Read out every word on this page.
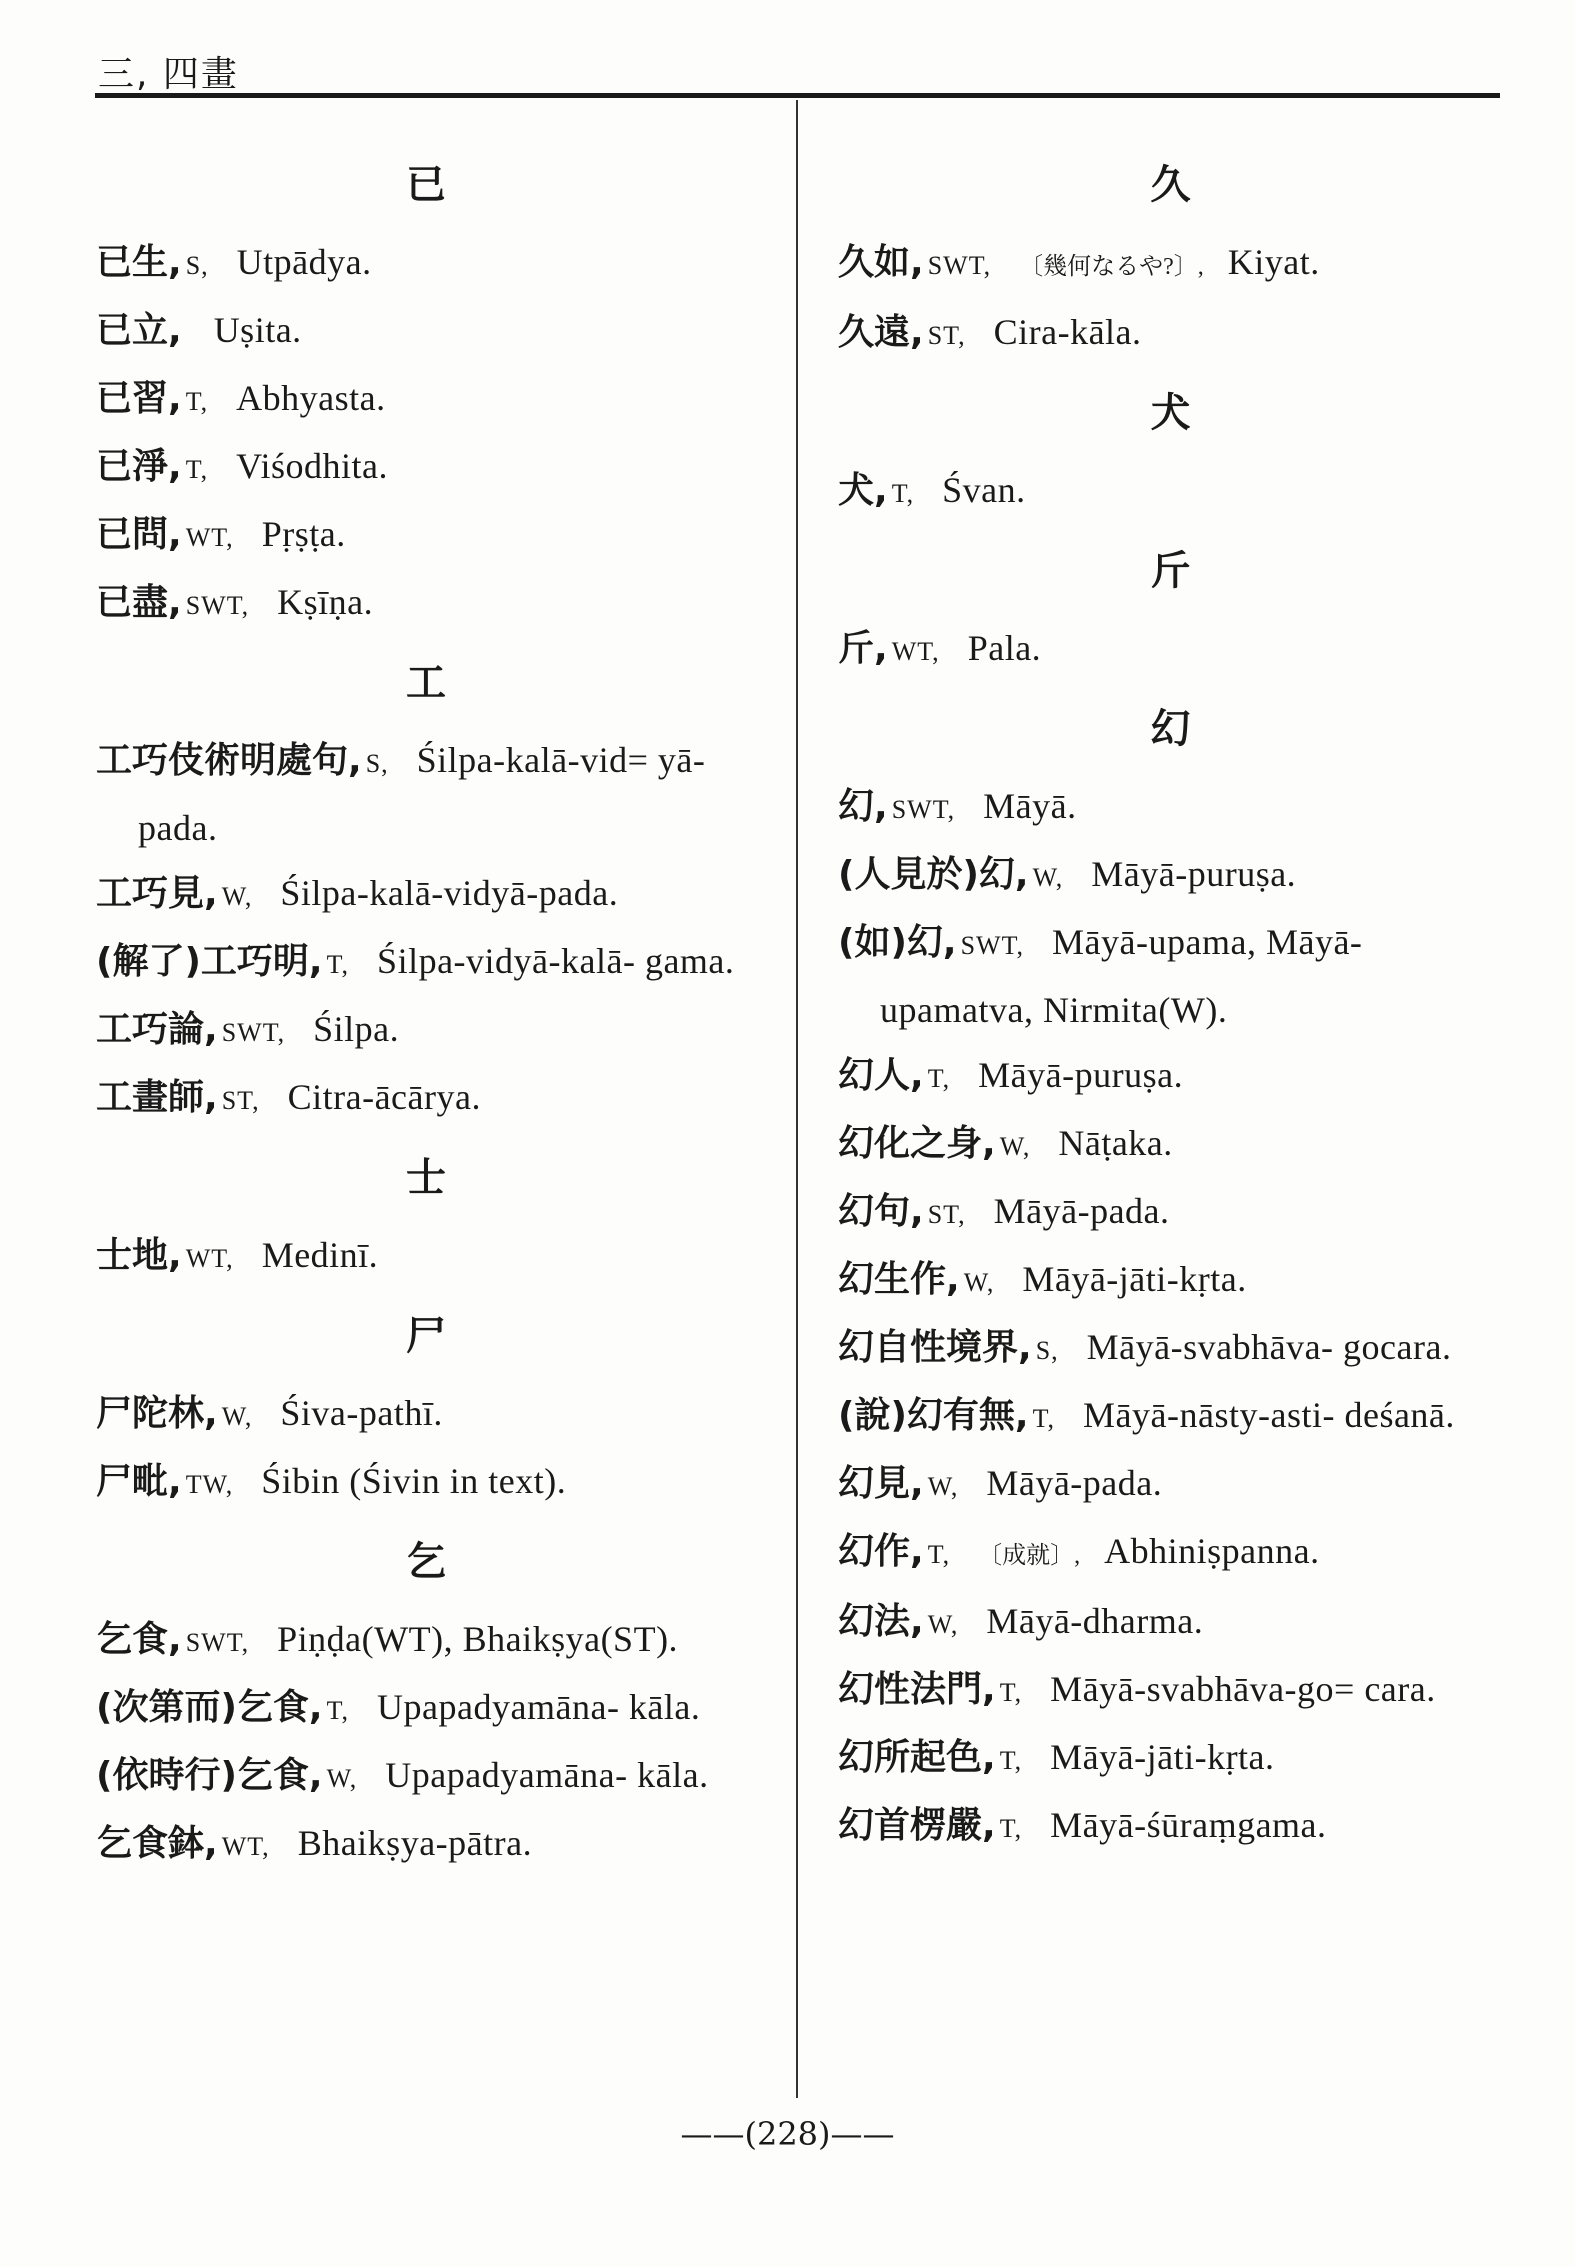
三, 四畫
已
已生, S, Utpādya.
已立, Uṣita.
已習, T, Abhyasta.
已淨, T, Viśodhita.
已問, WT, Pṛṣṭa.
已盡, SWT, Kṣīṇa.
工
工巧伎術明處句, S, Śilpa-kalā-vid= yā-pada.
工巧見, W, Śilpa-kalā-vidyā-pada.
(解了)工巧明, T, Śilpa-vidyā-kalā- gama.
工巧論, SWT, Śilpa.
工畫師, ST, Citra-ācārya.
士
士地, WT, Medinī.
尸
尸陀林, W, Śiva-pathī.
尸毗, TW, Śibin (Śivin in text).
乞
乞食, SWT, Piṇḍa(WT), Bhaikṣya(ST).
(次第而)乞食, T, Upapadyamāna- kāla.
(依時行)乞食, W, Upapadyamāna- kāla.
乞食鉢, WT, Bhaikṣya-pātra.
久
久如, SWT, 〔幾何なるや?〕, Kiyat.
久遠, ST, Cira-kāla.
犬
犬, T, Śvan.
斤
斤, WT, Pala.
幻
幻, SWT, Māyā.
(人見於)幻, W, Māyā-puruṣa.
(如)幻, SWT, Māyā-upama, Māyā- upamatva, Nirmita(W).
幻人, T, Māyā-puruṣa.
幻化之身, W, Nāṭaka.
幻句, ST, Māyā-pada.
幻生作, W, Māyā-jāti-kṛta.
幻自性境界, S, Māyā-svabhāva- gocara.
(說)幻有無, T, Māyā-nāsty-asti- deśanā.
幻見, W, Māyā-pada.
幻作, T, 〔成就〕, Abhiniṣpanna.
幻法, W, Māyā-dharma.
幻性法門, T, Māyā-svabhāva-go= cara.
幻所起色, T, Māyā-jāti-kṛta.
幻首楞嚴, T, Māyā-śūraṃgama.
——(228)——
